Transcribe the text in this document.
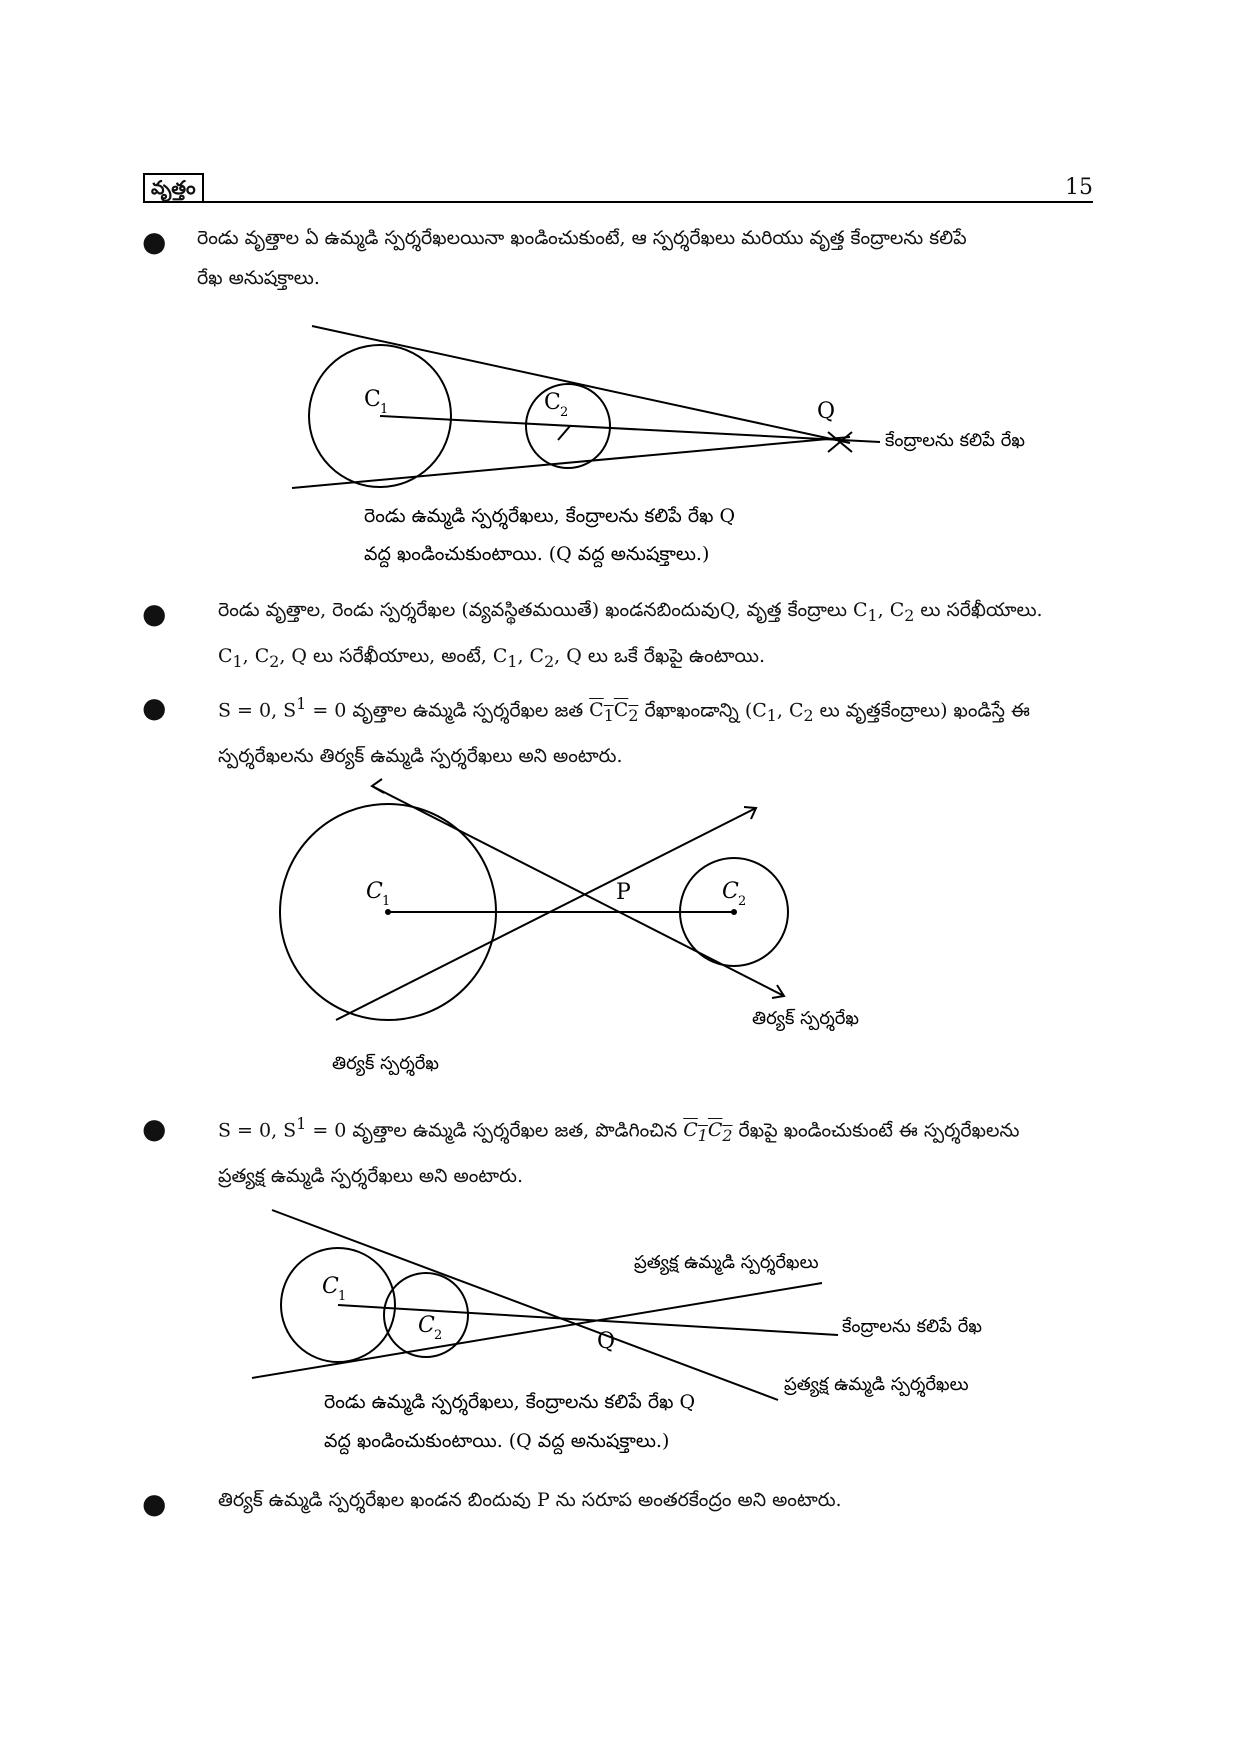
వృత్తం	15
● రెండు వృత్తాల ఏ ఉమ్మడి స్పర్శరేఖలయినా ఖండించుకుంటే, ఆ స్పర్శరేఖలు మరియు వృత్త కేంద్రాలను కలిపే
రేఖ అనుషక్తాలు.
C 1	C 2	Q
కేంద్రాలను కలిపే రేఖ
రెండు ఉమ్మడి స్పర్శరేఖలు, కేంద్రాలను కలిపే రేఖ Q
వద్ద ఖండించుకుంటాయి. (Q వద్ద అనుషక్తాలు.)
●	రెండు వృత్తాల, రెండు స్పర్శరేఖల (వ్యవస్థితమయితే) ఖండనబిందువుQ, వృత్త కేంద్రాలు $C_1$, $C_2$ లు సరేఖీయాలు.
$C_1$, $C_2$, Q లు సరేఖీయాలు, అంటే, $C_1$, $C_2$, Q లు ఒకే రేఖపై ఉంటాయి.
●	S = 0, $S^1 = 0$ వృత్తాల ఉమ్మడి స్పర్శరేఖల జత $C_1C_2$ రేఖాఖండాన్ని ($C_1$, $C_2$ లు వృత్తకేంద్రాలు) ఖండిస్తే ఈ
స్పర్శరేఖలను తిర్యక్ ఉమ్మడి స్పర్శరేఖలు అని అంటారు.
C 1	C 2
P
తిర్యక్ స్పర్శరేఖ
తిర్యక్ స్పర్శరేఖ
●	S = 0, $S^1 = 0$ వృత్తాల ఉమ్మడి స్పర్శరేఖల జత, పొడిగించిన $C_1C_2$ రేఖపై ఖండించుకుంటే ఈ స్పర్శరేఖలను
ప్రత్యక్ష ఉమ్మడి స్పర్శరేఖలు అని అంటారు.
C 1
C 2	Q
ప్రత్యక్ష ఉమ్మడి స్పర్శరేఖలు
కేంద్రాలను కలిపే రేఖ
ప్రత్యక్ష ఉమ్మడి స్పర్శరేఖలు
రెండు ఉమ్మడి స్పర్శరేఖలు, కేంద్రాలను కలిపే రేఖ Q
వద్ద ఖండించుకుంటాయి. (Q వద్ద అనుషక్తాలు.)
●	తిర్యక్ ఉమ్మడి స్పర్శరేఖల ఖండన బిందువు P ను సరూప అంతరకేంద్రం అని అంటారు.
